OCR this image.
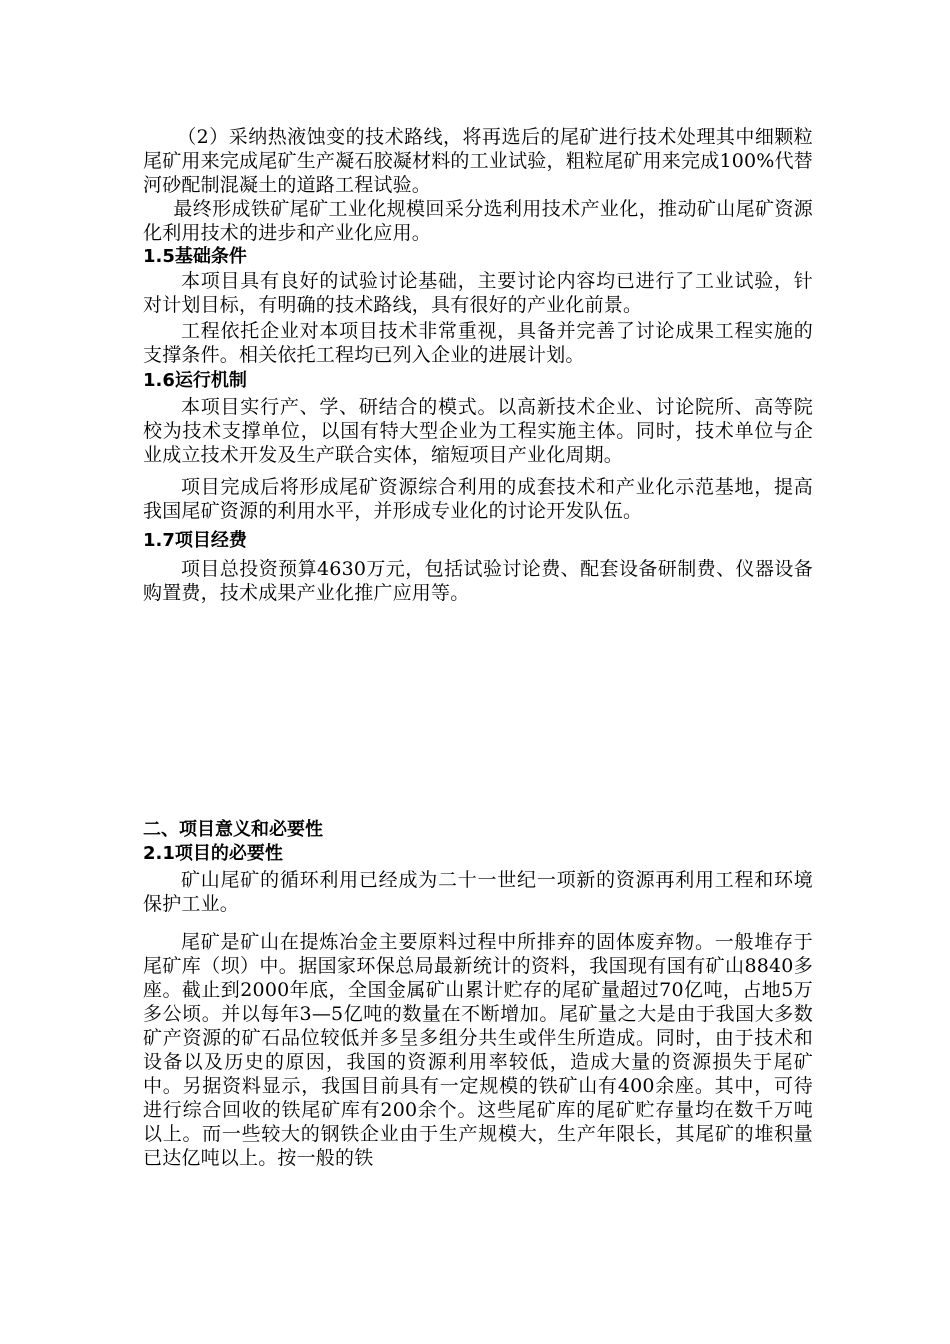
（2）采纳热液蚀变的技术路线，将再选后的尾矿进行技术处理其中细颗粒尾矿用来完成尾矿生产凝石胶凝材料的工业试验，粗粒尾矿用来完成100%代替河砂配制混凝土的道路工程试验。

最终形成铁矿尾矿工业化规模回采分选利用技术产业化，推动矿山尾矿资源化利用技术的进步和产业化应用。

1.5基础条件

本项目具有良好的试验讨论基础，主要讨论内容均已进行了工业试验，针对计划目标，有明确的技术路线，具有很好的产业化前景。

工程依托企业对本项目技术非常重视，具备并完善了讨论成果工程实施的支撑条件。相关依托工程均已列入企业的进展计划。

1.6运行机制

本项目实行产、学、研结合的模式。以高新技术企业、讨论院所、高等院校为技术支撑单位，以国有特大型企业为工程实施主体。同时，技术单位与企业成立技术开发及生产联合实体，缩短项目产业化周期。

项目完成后将形成尾矿资源综合利用的成套技术和产业化示范基地，提高我国尾矿资源的利用水平，并形成专业化的讨论开发队伍。

1.7项目经费

项目总投资预算4630万元，包括试验讨论费、配套设备研制费、仪器设备购置费，技术成果产业化推广应用等。

二、项目意义和必要性
2.1项目的必要性

矿山尾矿的循环利用已经成为二十一世纪一项新的资源再利用工程和环境保护工业。

尾矿是矿山在提炼冶金主要原料过程中所排弃的固体废弃物。一般堆存于尾矿库（坝）中。据国家环保总局最新统计的资料，我国现有国有矿山8840多座。截止到2000年底，全国金属矿山累计贮存的尾矿量超过70亿吨，占地5万多公顷。并以每年3—5亿吨的数量在不断增加。尾矿量之大是由于我国大多数矿产资源的矿石品位较低并多呈多组分共生或伴生所造成。同时，由于技术和设备以及历史的原因，我国的资源利用率较低，造成大量的资源损失于尾矿中。另据资料显示，我国目前具有一定规模的铁矿山有400余座。其中，可待进行综合回收的铁尾矿库有200余个。这些尾矿库的尾矿贮存量均在数千万吨以上。而一些较大的钢铁企业由于生产规模大，生产年限长，其尾矿的堆积量已达亿吨以上。按一般的铁
